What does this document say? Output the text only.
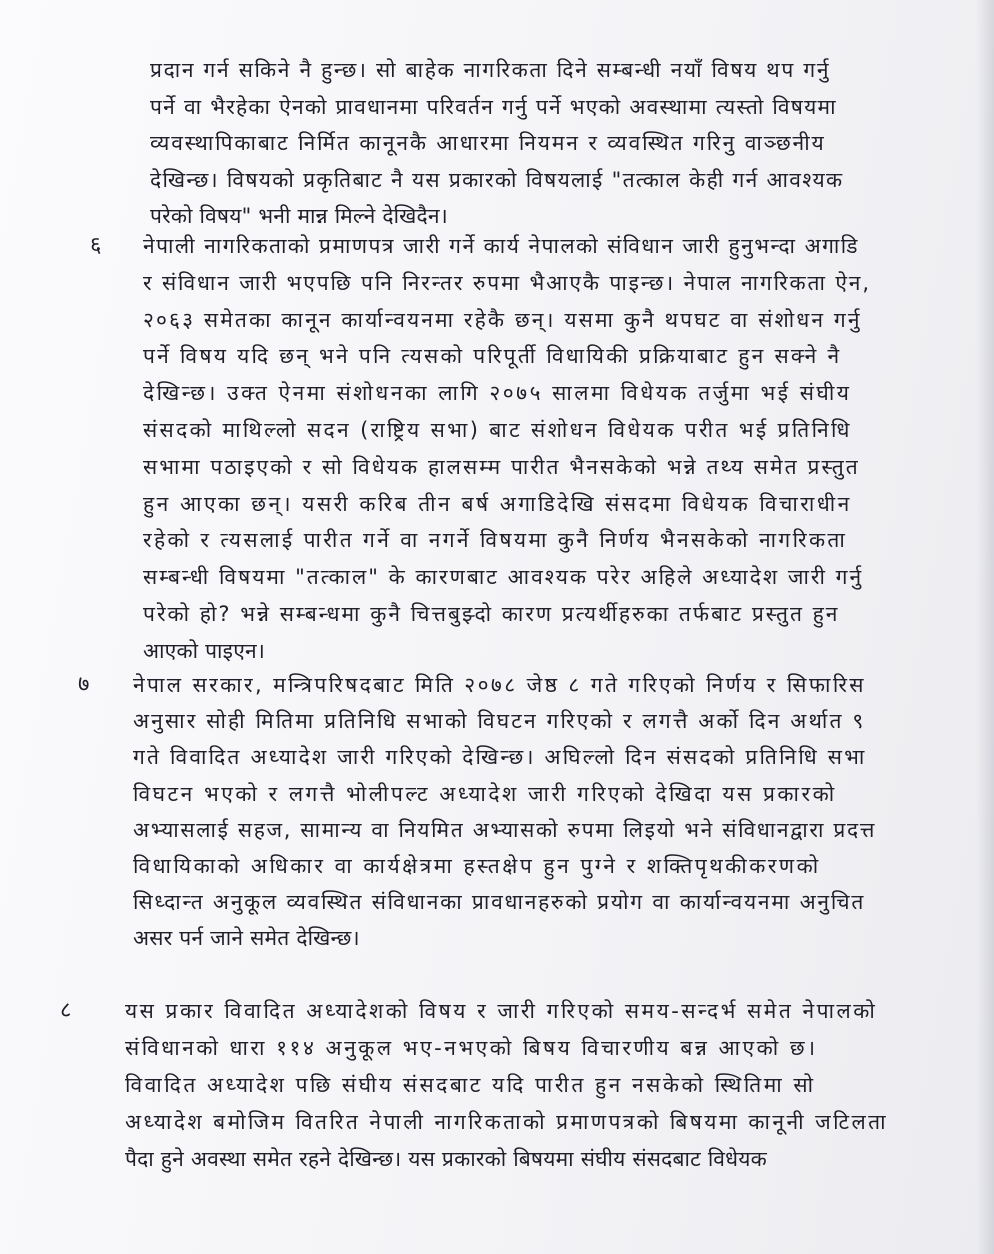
प्रदान गर्न सकिने नै हुन्छ। सो बाहेक नागरिकता दिने सम्बन्धी नयाँ विषय थप गर्नु
पर्ने वा भैरहेका ऐनको प्रावधानमा परिवर्तन गर्नु पर्ने भएको अवस्थामा त्यस्तो विषयमा
व्यवस्थापिकाबाट निर्मित कानूनकै आधारमा नियमन र व्यवस्थित गरिनु वाञ्छनीय
देखिन्छ। विषयको प्रकृतिबाट नै यस प्रकारको विषयलाई "तत्काल केही गर्न आवश्यक
परेको विषय" भनी मान्न मिल्ने देखिदैन।
६ नेपाली नागरिकताको प्रमाणपत्र जारी गर्ने कार्य नेपालको संविधान जारी हुनुभन्दा अगाडि
र संविधान जारी भएपछि पनि निरन्तर रुपमा भैआएकै पाइन्छ। नेपाल नागरिकता ऐन,
२०६३ समेतका कानून कार्यान्वयनमा रहेकै छन्। यसमा कुनै थपघट वा संशोधन गर्नु
पर्ने विषय यदि छन् भने पनि त्यसको परिपूर्ती विधायिकी प्रक्रियाबाट हुन सक्ने नै
देखिन्छ। उक्त ऐनमा संशोधनका लागि २०७५ सालमा विधेयक तर्जुमा भई संघीय
संसदको माथिल्लो सदन (राष्ट्रिय सभा) बाट संशोधन विधेयक परीत भई प्रतिनिधि
सभामा पठाइएको र सो विधेयक हालसम्म पारीत भैनसकेको भन्ने तथ्य समेत प्रस्तुत
हुन आएका छन्। यसरी करिब तीन बर्ष अगाडिदेखि संसदमा विधेयक विचाराधीन
रहेको र त्यसलाई पारीत गर्ने वा नगर्ने विषयमा कुनै निर्णय भैनसकेको नागरिकता
सम्बन्धी विषयमा "तत्काल" के कारणबाट आवश्यक परेर अहिले अध्यादेश जारी गर्नु
परेको हो? भन्ने सम्बन्धमा कुनै चित्तबुझ्दो कारण प्रत्यर्थीहरुका तर्फबाट प्रस्तुत हुन
आएको पाइएन।
७ नेपाल सरकार, मन्त्रिपरिषदबाट मिति २०७८ जेष्ठ ८ गते गरिएको निर्णय र सिफारिस
अनुसार सोही मितिमा प्रतिनिधि सभाको विघटन गरिएको र लगत्तै अर्को दिन अर्थात ९
गते विवादित अध्यादेश जारी गरिएको देखिन्छ। अघिल्लो दिन संसदको प्रतिनिधि सभा
विघटन भएको र लगत्तै भोलीपल्ट अध्यादेश जारी गरिएको देखिदा यस प्रकारको
अभ्यासलाई सहज, सामान्य वा नियमित अभ्यासको रुपमा लिइयो भने संविधानद्वारा प्रदत्त
विधायिकाको अधिकार वा कार्यक्षेत्रमा हस्तक्षेप हुन पुग्ने र शक्तिपृथकीकरणको
सिध्दान्त अनुकूल व्यवस्थित संविधानका प्रावधानहरुको प्रयोग वा कार्यान्वयनमा अनुचित
असर पर्न जाने समेत देखिन्छ।
८	यस प्रकार विवादित अध्यादेशको विषय र जारी गरिएको समय-सन्दर्भ समेत नेपालको
संविधानको धारा ११४ अनुकूल भए-नभएको बिषय विचारणीय बन्न आएको छ।
विवादित अध्यादेश पछि संघीय संसदबाट यदि पारीत हुन नसकेको स्थितिमा सो
अध्यादेश बमोजिम वितरित नेपाली नागरिकताको प्रमाणपत्रको बिषयमा कानूनी जटिलता
पैदा हुने अवस्था समेत रहने देखिन्छ। यस प्रकारको बिषयमा संघीय संसदबाट विधेयक
